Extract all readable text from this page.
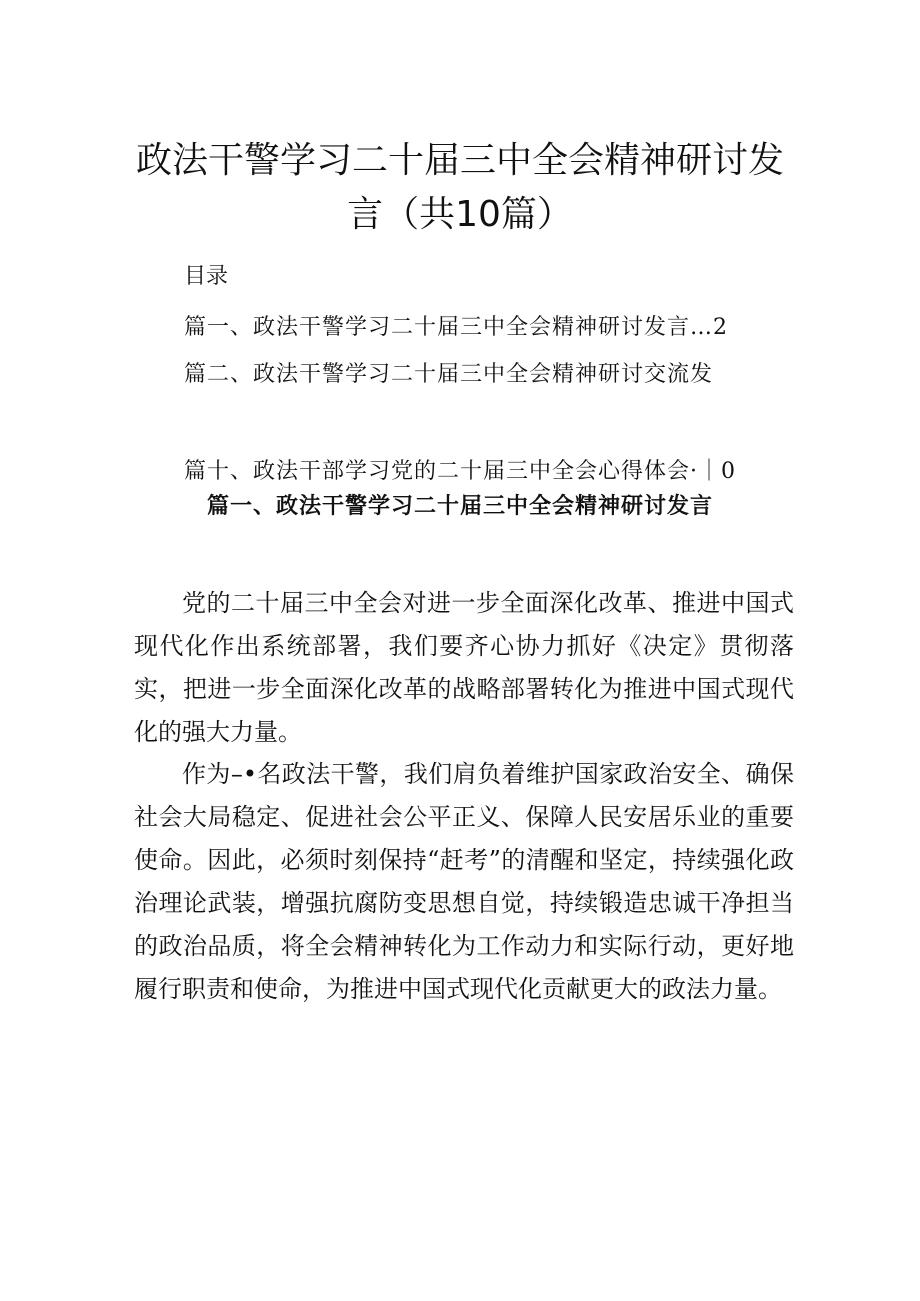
政法干警学习二十届三中全会精神研讨发
言（共10篇）
目录
篇一、政法干警学习二十届三中全会精神研讨发言…2
篇二、政法干警学习二十届三中全会精神研讨交流发
篇十、政法干部学习党的二十届三中全会心得体会·｜0
篇一、政法干警学习二十届三中全会精神研讨发言

党的二十届三中全会对进一步全面深化改革、推进中国式现代化作出系统部署，我们要齐心协力抓好《决定》贯彻落实，把进一步全面深化改革的战略部署转化为推进中国式现代化的强大力量。

作为–•名政法干警，我们肩负着维护国家政治安全、确保社会大局稳定、促进社会公平正义、保障人民安居乐业的重要使命。因此，必须时刻保持“赶考”的清醒和坚定，持续强化政治理论武装，增强抗腐防变思想自觉，持续锻造忠诚干净担当的政治品质，将全会精神转化为工作动力和实际行动，更好地履行职责和使命，为推进中国式现代化贡献更大的政法力量。
